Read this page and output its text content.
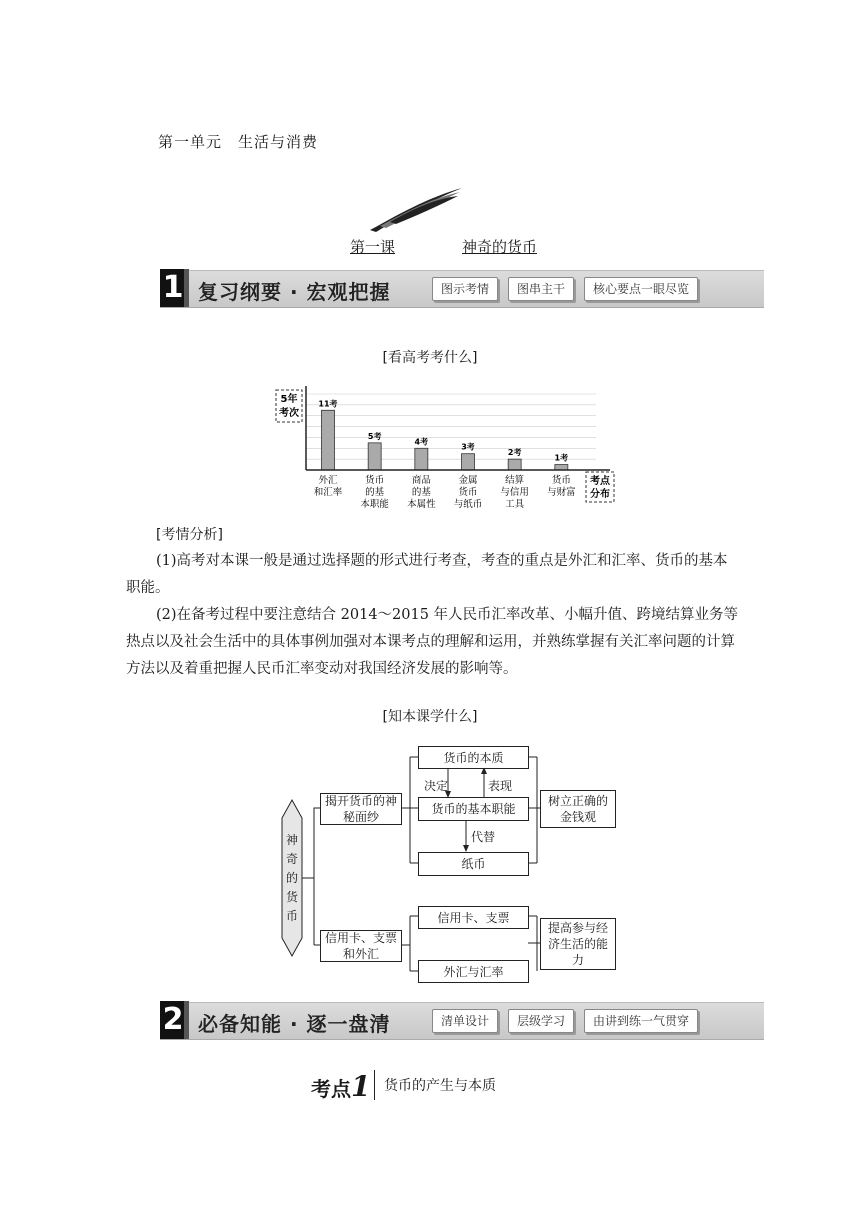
第一单元　生活与消费
第一课	神奇的货币
1 复习纲要 · 宏观把握	图示考情	图串主干	核心要点一眼尽览
[看高考考什么]
5年
考次
考点
分布
11考
外汇
和汇率
5考
货币
的基
本职能
4考
商品
的基
本属性
3考
金属
货币
与纸币
2考
结算
与信用
工具
1考
货币
与财富
[考情分析]

(1)高考对本课一般是通过选择题的形式进行考查，考查的重点是外汇和汇率、货币的基本职能。

(2)在备考过程中要注意结合 2014～2015 年人民币汇率改革、小幅升值、跨境结算业务等热点以及社会生活中的具体事例加强对本课考点的理解和运用，并熟练掌握有关汇率问题的计算方法以及着重把握人民币汇率变动对我国经济发展的影响等。

[知本课学什么]
神奇的货币
揭开货币的神秘面纱
信用卡、支票和外汇
货币的本质
货币的基本职能
纸币
决定	表现
代替
树立正确的金钱观
信用卡、支票
外汇与汇率
提高参与经济生活的能力
2 必备知能 · 逐一盘清	清单设计	层级学习	由讲到练一气贯穿
考点1 货币的产生与本质
